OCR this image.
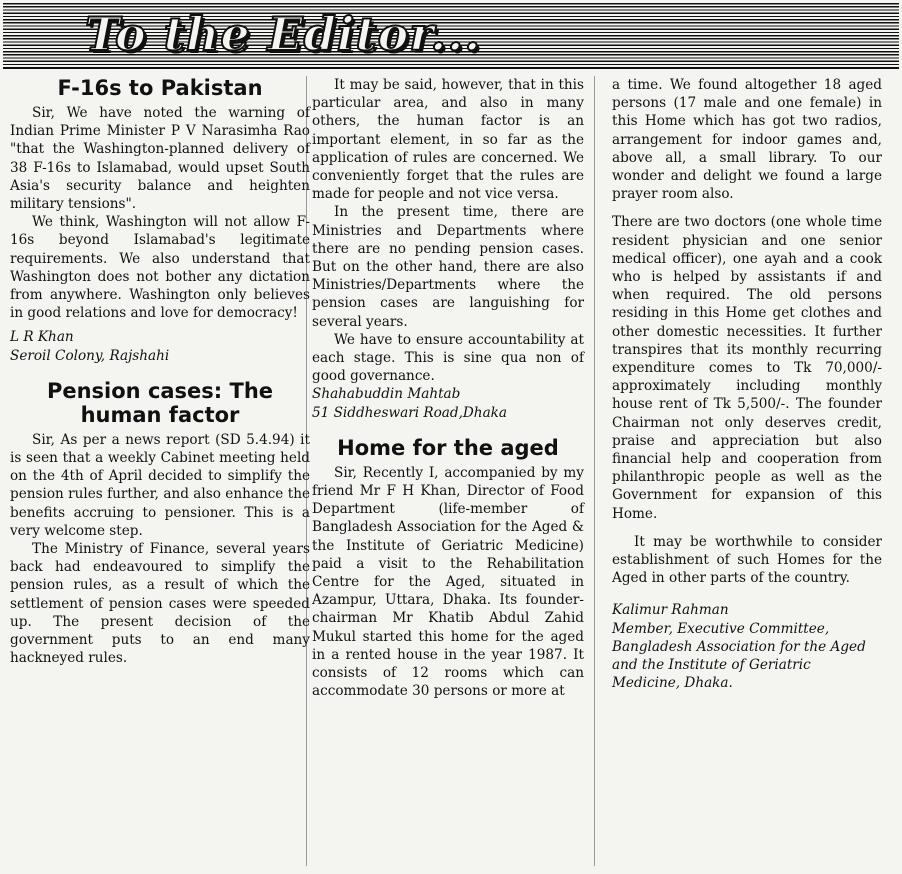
To the Editor...
F-16s to Pakistan

Sir, We have noted the warning of Indian Prime Minister P V Narasimha Rao "that the Washington-planned delivery of 38 F-16s to Islamabad, would upset South Asia's security balance and heighten military tensions".

We think, Washington will not allow F-16s beyond Islamabad's legitimate requirements. We also understand that Washington does not bother any dictation from anywhere. Washington only believes in good relations and love for democracy!

L R Khan

Seroil Colony, Rajshahi

Pension cases: The human factor

Sir, As per a news report (SD 5.4.94) it is seen that a weekly Cabinet meeting held on the 4th of April decided to simplify the pension rules further, and also enhance the benefits accruing to pensioner. This is a very welcome step.

The Ministry of Finance, several years back had endeavoured to simplify the pension rules, as a result of which the settlement of pension cases were speeded up. The present decision of the government puts to an end many hackneyed rules.

It may be said, however, that in this particular area, and also in many others, the human factor is an important element, in so far as the application of rules are concerned. We conveniently forget that the rules are made for people and not vice versa.

In the present time, there are Ministries and Departments where there are no pending pension cases. But on the other hand, there are also Ministries/Departments where the pension cases are languishing for several years.

We have to ensure accountability at each stage. This is sine qua non of good governance.

Shahabuddin Mahtab

51 Siddheswari Road,Dhaka

Home for the aged

Sir, Recently I, accompanied by my friend Mr F H Khan, Director of Food Department (life-member of Bangladesh Association for the Aged & the Institute of Geriatric Medicine) paid a visit to the Rehabilitation Centre for the Aged, situated in Azampur, Uttara, Dhaka. Its founder-chairman Mr Khatib Abdul Zahid Mukul started this home for the aged in a rented house in the year 1987. It consists of 12 rooms which can accommodate 30 persons or more at

a time. We found altogether 18 aged persons (17 male and one female) in this Home which has got two radios, arrangement for indoor games and, above all, a small library. To our wonder and delight we found a large prayer room also.

There are two doctors (one whole time resident physician and one senior medical officer), one ayah and a cook who is helped by assistants if and when required. The old persons residing in this Home get clothes and other domestic necessities. It further transpires that its monthly recurring expenditure comes to Tk 70,000/- approximately including monthly house rent of Tk 5,500/-. The founder Chairman not only deserves credit, praise and appreciation but also financial help and cooperation from philanthropic people as well as the Government for expansion of this Home.

It may be worthwhile to consider establishment of such Homes for the Aged in other parts of the country.

Kalimur Rahman

Member, Executive Committee,

Bangladesh Association for the Aged and the Institute of Geriatric Medicine, Dhaka.
